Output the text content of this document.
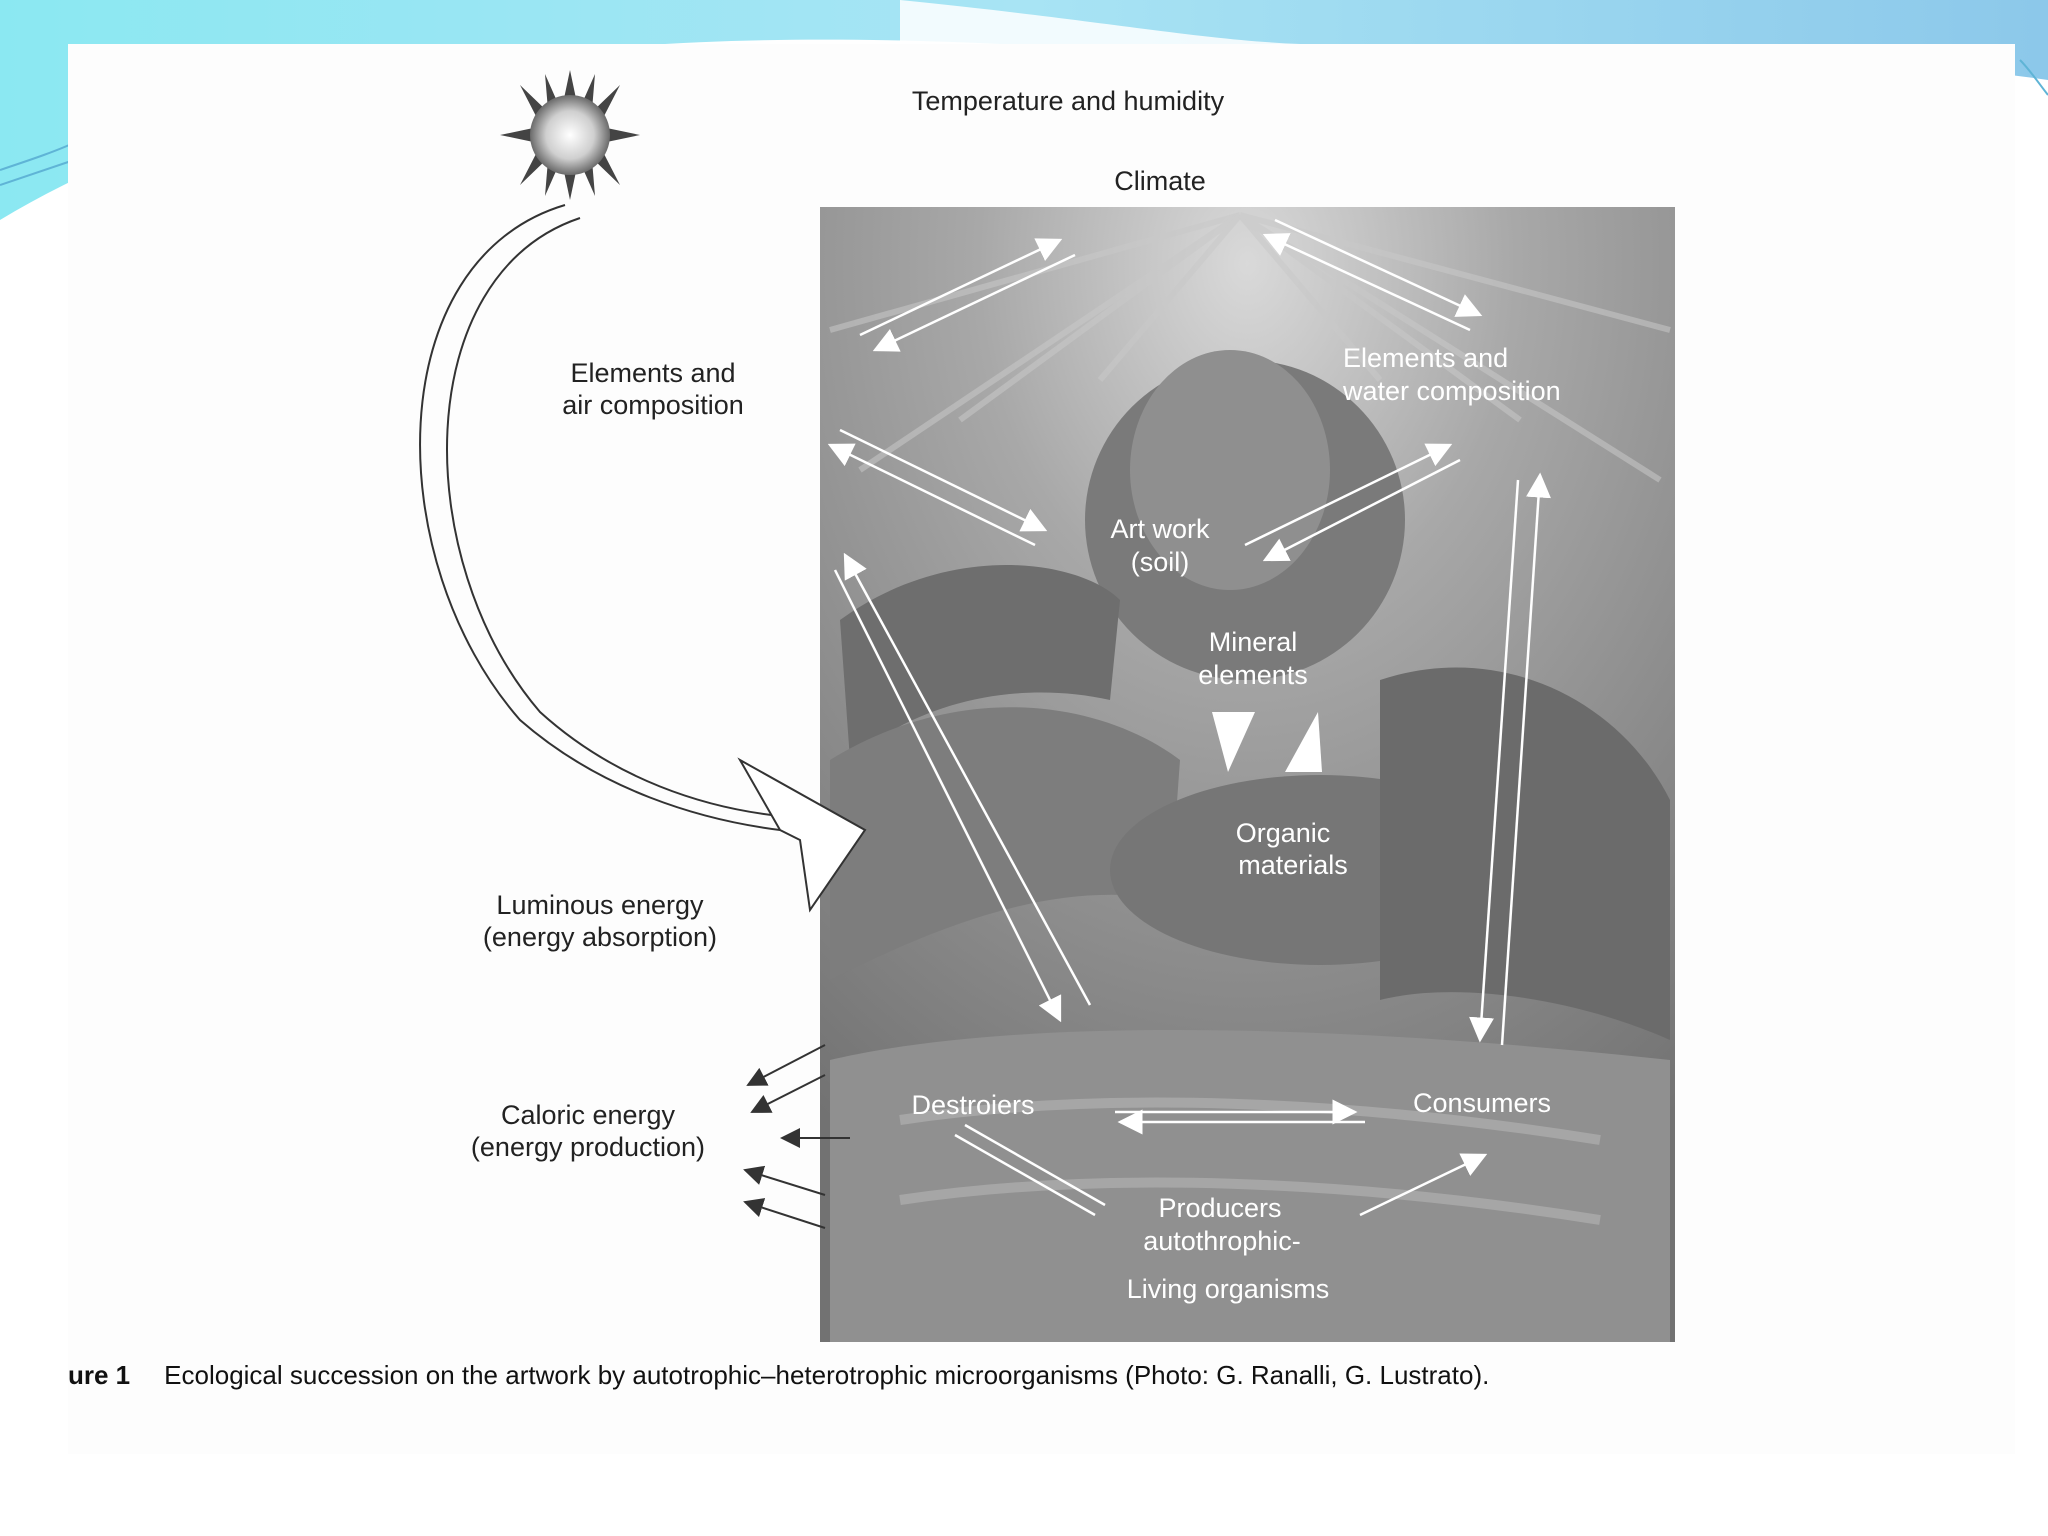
Temperature and humidity
Climate
Elements and
air composition
Elements and
water composition
Art work
(soil)
Mineral
elements
Organic
materials
Luminous energy
(energy absorption)
Caloric energy
(energy production)
Destroiers	Consumers
Producers
autothrophic-
Living organisms
ure 1 Ecological succession on the artwork by autotrophic–heterotrophic microorganisms (Photo: G. Ranalli, G. Lustrato).
